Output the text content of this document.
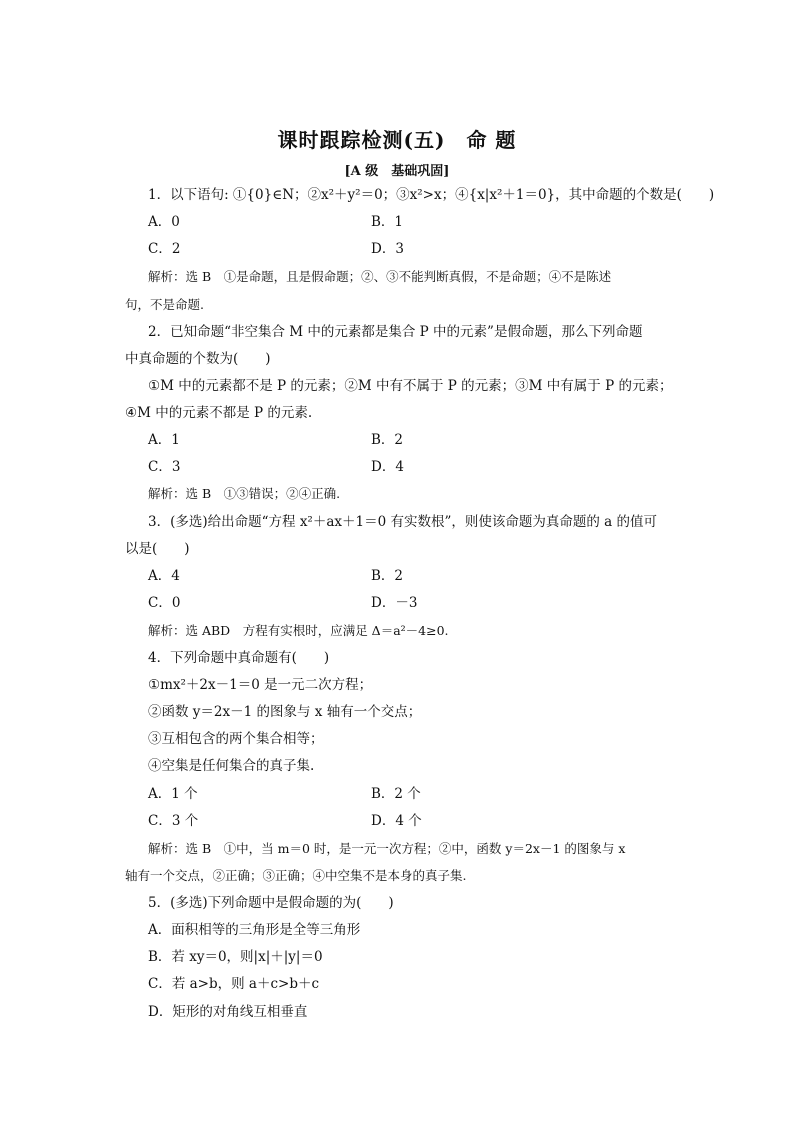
课时跟踪检测(五)　命 题
[A 级　基础巩固]
1．以下语句: ①{0}∈N；②x²＋y²＝0；③x²>x；④{x|x²＋1＝0}，其中命题的个数是(　　)
A．0	B．1
C．2	D．3
解析：选 B　①是命题，且是假命题；②、③不能判断真假，不是命题；④不是陈述
句，不是命题.
2．已知命题“非空集合 M 中的元素都是集合 P 中的元素”是假命题，那么下列命题
中真命题的个数为(　　)
①M 中的元素都不是 P 的元素；②M 中有不属于 P 的元素；③M 中有属于 P 的元素；
④M 中的元素不都是 P 的元素.
A．1	B．2
C．3	D．4
解析：选 B　①③错误；②④正确.
3．(多选)给出命题“方程 x²＋ax＋1＝0 有实数根”，则使该命题为真命题的 a 的值可
以是(　　)
A．4	B．2
C．0	D．－3
解析：选 ABD　方程有实根时，应满足 Δ＝a²－4≥0.
4．下列命题中真命题有(　　)
①mx²＋2x－1＝0 是一元二次方程；
②函数 y＝2x－1 的图象与 x 轴有一个交点；
③互相包含的两个集合相等；
④空集是任何集合的真子集.
A．1 个	B．2 个
C．3 个	D．4 个
解析：选 B　①中，当 m＝0 时，是一元一次方程；②中，函数 y＝2x－1 的图象与 x
轴有一个交点，②正确；③正确；④中空集不是本身的真子集.
5．(多选)下列命题中是假命题的为(　　)
A．面积相等的三角形是全等三角形
B．若 xy＝0，则|x|＋|y|＝0
C．若 a>b，则 a＋c>b＋c
D．矩形的对角线互相垂直
